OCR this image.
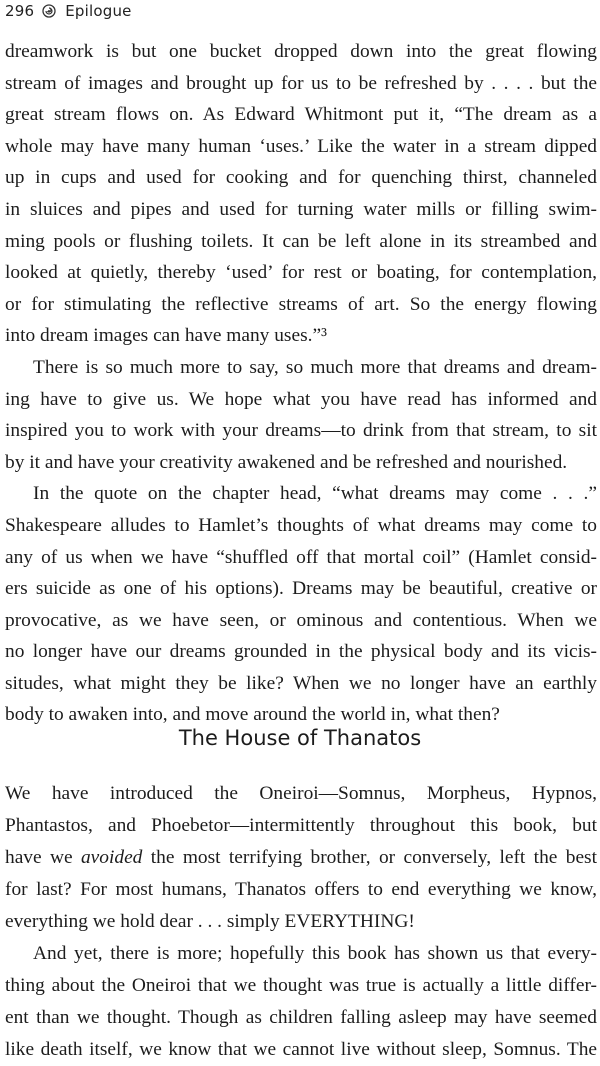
296 Epilogue
dreamwork is but one bucket dropped down into the great flowing
stream of images and brought up for us to be refreshed by . . . . but the
great stream flows on. As Edward Whitmont put it, “The dream as a
whole may have many human ‘uses.’ Like the water in a stream dipped
up in cups and used for cooking and for quenching thirst, channeled
in sluices and pipes and used for turning water mills or filling swim-
ming pools or flushing toilets. It can be left alone in its streambed and
looked at quietly, thereby ‘used’ for rest or boating, for contemplation,
or for stimulating the reflective streams of art. So the energy flowing
into dream images can have many uses.”³
There is so much more to say, so much more that dreams and dream-
ing have to give us. We hope what you have read has informed and
inspired you to work with your dreams—to drink from that stream, to sit
by it and have your creativity awakened and be refreshed and nourished.
In the quote on the chapter head, “what dreams may come . . .”
Shakespeare alludes to Hamlet’s thoughts of what dreams may come to
any of us when we have “shuffled off that mortal coil” (Hamlet consid-
ers suicide as one of his options). Dreams may be beautiful, creative or
provocative, as we have seen, or ominous and contentious. When we
no longer have our dreams grounded in the physical body and its vicis-
situdes, what might they be like? When we no longer have an earthly
body to awaken into, and move around the world in, what then?
The House of Thanatos
We have introduced the Oneiroi—Somnus, Morpheus, Hypnos,
Phantastos, and Phoebetor—intermittently throughout this book, but
have we avoided the most terrifying brother, or conversely, left the best
for last? For most humans, Thanatos offers to end everything we know,
everything we hold dear . . . simply EVERYTHING!
And yet, there is more; hopefully this book has shown us that every-
thing about the Oneiroi that we thought was true is actually a little differ-
ent than we thought. Though as children falling asleep may have seemed
like death itself, we know that we cannot live without sleep, Somnus. The
